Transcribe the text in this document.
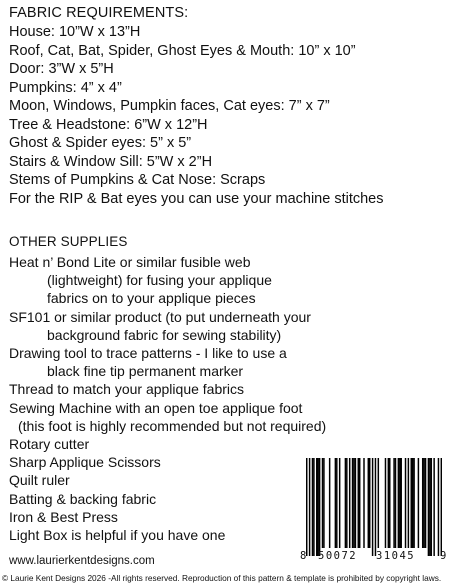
FABRIC REQUIREMENTS:
House: 10”W x 13”H
Roof, Cat, Bat, Spider, Ghost Eyes & Mouth: 10” x 10”
Door: 3”W x 5”H
Pumpkins: 4” x 4”
Moon, Windows, Pumpkin faces, Cat eyes: 7” x 7”
Tree & Headstone: 6”W x 12”H
Ghost & Spider eyes: 5” x 5”
Stairs & Window Sill: 5”W x 2”H
Stems of Pumpkins & Cat Nose: Scraps
For the RIP & Bat eyes you can use your machine stitches
OTHER SUPPLIES
Heat n’ Bond Lite or similar fusible web
(lightweight) for fusing your applique
fabrics on to your applique pieces
SF101 or similar product (to put underneath your
background fabric for sewing stability)
Drawing tool to trace patterns - I like to use a
black fine tip permanent marker
Thread to match your applique fabrics
Sewing Machine with an open toe applique foot
(this foot is highly recommended but not required)
Rotary cutter
Sharp Applique Scissors
Quilt ruler
Batting & backing fabric
Iron & Best Press
Light Box is helpful if you have one
8 50072 31045 9
www.laurierkentdesigns.com
© Laurie Kent Designs 2026 -All rights reserved. Reproduction of this pattern & template is prohibited by copyright laws.
